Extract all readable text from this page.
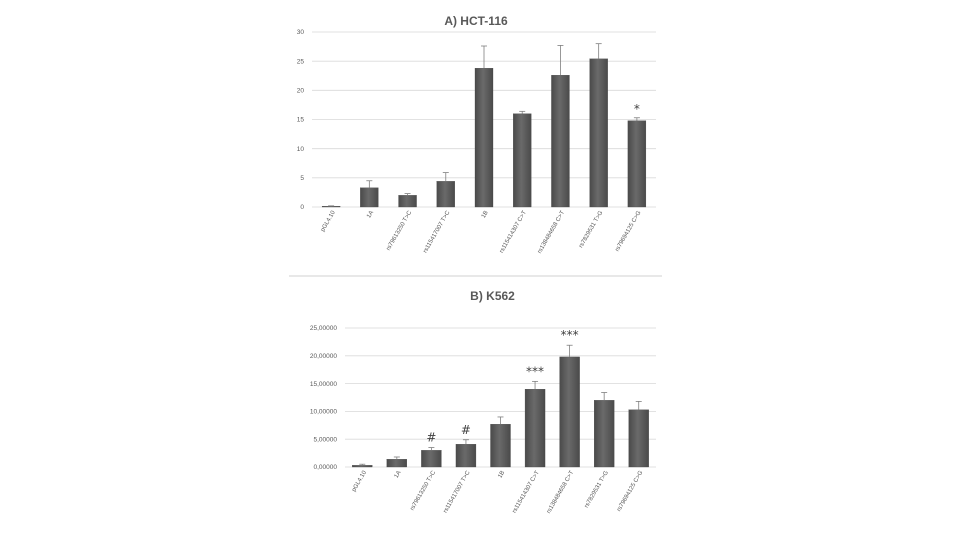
A) HCT-116
0
5
10
15
20
25
30
pGL4.10	1A rs79613250 T>C rs115417007 T>C	1B rs115414307 C>T rs138484658 C>T rs7829531 T>G
*
rs79694125 C>G
B) K562
0,00000
5,00000
10,00000
15,00000
20,00000
25,00000
pGL4.10	1A
#
rs79613250 T>C
#
rs115417007 T>C	1B
***
rs115414307 C>T
***
rs138484658 C>T rs7829531 T>G rs79694125 C>G
